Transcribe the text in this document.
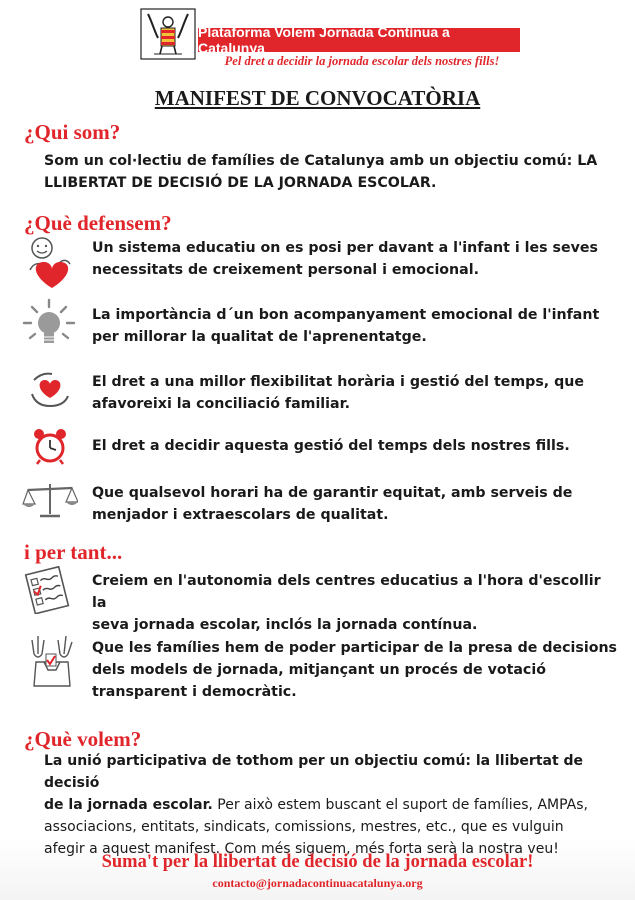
Plataforma Volem Jornada Contínua a Catalunya
Pel dret a decidir la jornada escolar dels nostres fills!
MANIFEST DE CONVOCATÒRIA
¿Qui som?
Som un col·lectiu de famílies de Catalunya amb un objectiu comú: LA
LLIBERTAT DE DECISIÓ DE LA JORNADA ESCOLAR.
¿Què defensem?
Un sistema educatiu on es posi per davant a l'infant i les seves
necessitats de creixement personal i emocional.
La importància d´un bon acompanyament emocional de l'infant
per millorar la qualitat de l'aprenentatge.
El dret a una millor flexibilitat horària i gestió del temps, que
afavoreixi la conciliació familiar.
El dret a decidir aquesta gestió del temps dels nostres fills.
Que qualsevol horari ha de garantir equitat, amb serveis de
menjador i extraescolars de qualitat.
i per tant...
Creiem en l'autonomia dels centres educatius a l'hora d'escollir la
seva jornada escolar, inclós la jornada contínua.
Que les famílies hem de poder participar de la presa de decisions
dels models de jornada, mitjançant un procés de votació
transparent i democràtic.
¿Què volem?
La unió participativa de tothom per un objectiu comú: la llibertat de decisió
de la jornada escolar. Per això estem buscant el suport de famílies, AMPAs,
associacions, entitats, sindicats, comissions, mestres, etc., que es vulguin
afegir a aquest manifest. Com més siguem, més forta serà la nostra veu!
Suma't per la llibertat de decisió de la jornada escolar!
contacto@jornadacontinuacatalunya.org
